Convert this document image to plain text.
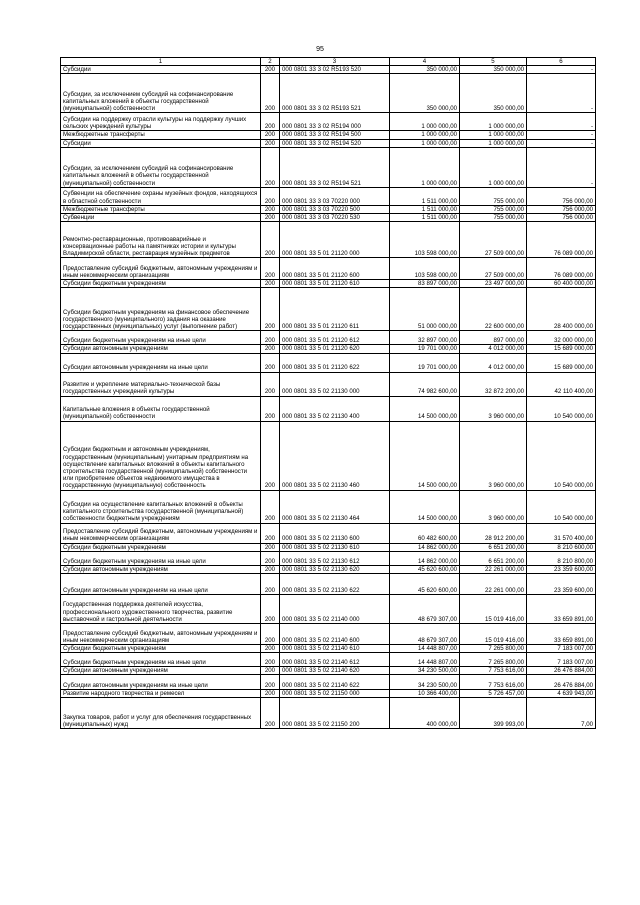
95
1	2	3	4	5	6
Субсидии	200	000 0801 33 3 02 R5193 520	350 000,00	350 000,00	-
Субсидии, за исключением субсидий на софинансирование капитальных вложений в объекты государственной (муниципальной) собственности	200	000 0801 33 3 02 R5193 521	350 000,00	350 000,00	-
Субсидии на поддержку отрасли культуры на поддержку лучших сельских учреждений культуры	200	000 0801 33 3 02 R5194 000	1 000 000,00	1 000 000,00	-
Межбюджетные трансферты	200	000 0801 33 3 02 R5194 500	1 000 000,00	1 000 000,00	-
Субсидии	200	000 0801 33 3 02 R5194 520	1 000 000,00	1 000 000,00	-
Субсидии, за исключением субсидий на софинансирование капитальных вложений в объекты государственной (муниципальной) собственности	200	000 0801 33 3 02 R5194 521	1 000 000,00	1 000 000,00	-
Субвенции на обеспечение охраны музейных фондов, находящихся в областной собственности	200	000 0801 33 3 03 70220 000	1 511 000,00	755 000,00	756 000,00
Межбюджетные трансферты	200	000 0801 33 3 03 70220 500	1 511 000,00	755 000,00	756 000,00
Субвенции	200	000 0801 33 3 03 70220 530	1 511 000,00	755 000,00	756 000,00
Ремонтно-реставрационные, противоаварийные и консервационные работы на памятниках истории и культуры Владимирской области, реставрация музейных предметов	200	000 0801 33 5 01 21120 000	103 598 000,00	27 509 000,00	76 089 000,00
Предоставление субсидий бюджетным, автономным учреждениям и иным некоммерческим организациям	200	000 0801 33 5 01 21120 600	103 598 000,00	27 509 000,00	76 089 000,00
Субсидии бюджетным учреждениям	200	000 0801 33 5 01 21120 610	83 897 000,00	23 497 000,00	60 400 000,00
Субсидии бюджетным учреждениям на финансовое обеспечение государственного (муниципального) задания на оказание государственных (муниципальных) услуг (выполнение работ)	200	000 0801 33 5 01 21120 611	51 000 000,00	22 600 000,00	28 400 000,00
Субсидии бюджетным учреждениям на иные цели	200	000 0801 33 5 01 21120 612	32 897 000,00	897 000,00	32 000 000,00
Субсидии автономным учреждениям	200	000 0801 33 5 01 21120 620	19 701 000,00	4 012 000,00	15 689 000,00
Субсидии автономным учреждениям на иные цели	200	000 0801 33 5 01 21120 622	19 701 000,00	4 012 000,00	15 689 000,00
Развитие и укрепление материально-технической базы государственных учреждений культуры	200	000 0801 33 5 02 21130 000	74 982 600,00	32 872 200,00	42 110 400,00
Капитальные вложения в объекты государственной (муниципальной) собственности	200	000 0801 33 5 02 21130 400	14 500 000,00	3 960 000,00	10 540 000,00
Субсидии бюджетным и автономным учреждениям, государственным (муниципальным) унитарным предприятиям на осуществление капитальных вложений в объекты капитального строительства государственной (муниципальной) собственности или приобретение объектов недвижимого имущества в государственную (муниципальную) собственность	200	000 0801 33 5 02 21130 460	14 500 000,00	3 960 000,00	10 540 000,00
Субсидии на осуществление капитальных вложений в объекты капитального строительства государственной (муниципальной) собственности бюджетным учреждениям	200	000 0801 33 5 02 21130 464	14 500 000,00	3 960 000,00	10 540 000,00
Предоставление субсидий бюджетным, автономным учреждениям и иным некоммерческим организациям	200	000 0801 33 5 02 21130 600	60 482 600,00	28 912 200,00	31 570 400,00
Субсидии бюджетным учреждениям	200	000 0801 33 5 02 21130 610	14 862 000,00	6 651 200,00	8 210 600,00
Субсидии бюджетным учреждениям на иные цели	200	000 0801 33 5 02 21130 612	14 862 000,00	6 651 200,00	8 210 800,00
Субсидии автономным учреждениям	200	000 0801 33 5 02 21130 620	45 620 600,00	22 261 000,00	23 359 600,00
Субсидии автономным учреждениям на иные цели	200	000 0801 33 5 02 21130 622	45 620 600,00	22 261 000,00	23 359 600,00
Государственная поддержка деятелей искусства, профессионального художественного творчества, развитие выставочной и гастрольной деятельности	200	000 0801 33 5 02 21140 000	48 679 307,00	15 019 416,00	33 659 891,00
Предоставление субсидий бюджетным, автономным учреждениям и иным некоммерческим организациям	200	000 0801 33 5 02 21140 600	48 679 307,00	15 019 416,00	33 659 891,00
Субсидии бюджетным учреждениям	200	000 0801 33 5 02 21140 610	14 448 807,00	7 265 800,00	7 183 007,00
Субсидии бюджетным учреждениям на иные цели	200	000 0801 33 5 02 21140 612	14 448 807,00	7 265 800,00	7 183 007,00
Субсидии автономным учреждениям	200	000 0801 33 5 02 21140 620	34 230 500,00	7 753 616,00	26 476 884,00
Субсидии автономным учреждениям на иные цели	200	000 0801 33 5 02 21140 622	34 230 500,00	7 753 616,00	26 476 884,00
Развитие народного творчества и ремесел	200	000 0801 33 5 02 21150 000	10 366 400,00	5 726 457,00	4 639 943,00
Закупка товаров, работ и услуг для обеспечения государственных (муниципальных) нужд	200	000 0801 33 5 02 21150 200	400 000,00	399 993,00	7,00
